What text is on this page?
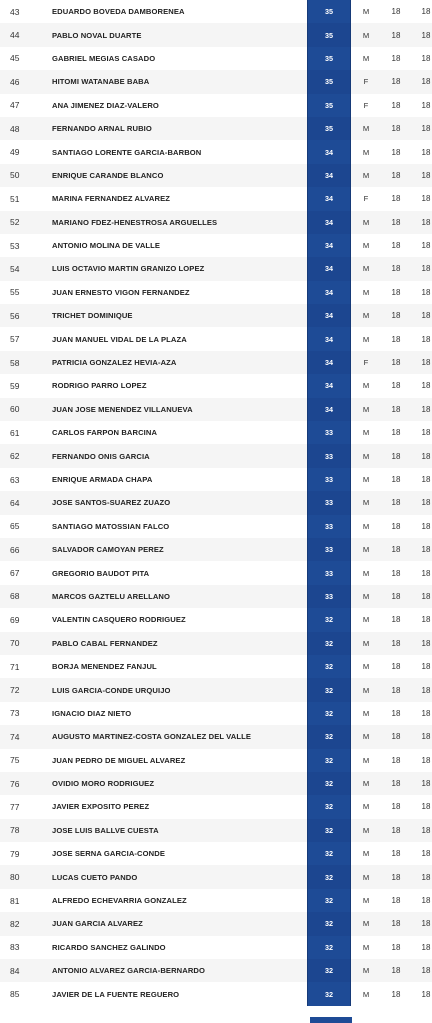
43	EDUARDO BOVEDA DAMBORENEA	35	M	18	18
44	PABLO NOVAL DUARTE	35	M	18	18
45	GABRIEL MEGIAS CASADO	35	M	18	18
46	HITOMI WATANABE BABA	35	F	18	18
47	ANA JIMENEZ DIAZ-VALERO	35	F	18	18
48	FERNANDO ARNAL RUBIO	35	M	18	18
49	SANTIAGO LORENTE GARCIA-BARBON	34	M	18	18
50	ENRIQUE CARANDE BLANCO	34	M	18	18
51	MARINA FERNANDEZ ALVAREZ	34	F	18	18
52	MARIANO FDEZ-HENESTROSA ARGUELLES	34	M	18	18
53	ANTONIO MOLINA DE VALLE	34	M	18	18
54	LUIS OCTAVIO MARTIN GRANIZO LOPEZ	34	M	18	18
55	JUAN ERNESTO VIGON FERNANDEZ	34	M	18	18
56	TRICHET DOMINIQUE	34	M	18	18
57	JUAN MANUEL VIDAL DE LA PLAZA	34	M	18	18
58	PATRICIA GONZALEZ HEVIA-AZA	34	F	18	18
59	RODRIGO PARRO LOPEZ	34	M	18	18
60	JUAN JOSE MENENDEZ VILLANUEVA	34	M	18	18
61	CARLOS FARPON BARCINA	33	M	18	18
62	FERNANDO ONIS GARCIA	33	M	18	18
63	ENRIQUE ARMADA CHAPA	33	M	18	18
64	JOSE SANTOS-SUAREZ ZUAZO	33	M	18	18
65	SANTIAGO MATOSSIAN FALCO	33	M	18	18
66	SALVADOR CAMOYAN PEREZ	33	M	18	18
67	GREGORIO BAUDOT PITA	33	M	18	18
68	MARCOS GAZTELU ARELLANO	33	M	18	18
69	VALENTIN CASQUERO RODRIGUEZ	32	M	18	18
70	PABLO CABAL FERNANDEZ	32	M	18	18
71	BORJA MENENDEZ FANJUL	32	M	18	18
72	LUIS GARCIA-CONDE URQUIJO	32	M	18	18
73	IGNACIO DIAZ NIETO	32	M	18	18
74	AUGUSTO MARTINEZ-COSTA GONZALEZ DEL VALLE	32	M	18	18
75	JUAN PEDRO DE MIGUEL ALVAREZ	32	M	18	18
76	OVIDIO MORO RODRIGUEZ	32	M	18	18
77	JAVIER EXPOSITO PEREZ	32	M	18	18
78	JOSE LUIS BALLVE CUESTA	32	M	18	18
79	JOSE SERNA GARCIA-CONDE	32	M	18	18
80	LUCAS CUETO PANDO	32	M	18	18
81	ALFREDO ECHEVARRIA GONZALEZ	32	M	18	18
82	JUAN GARCIA ALVAREZ	32	M	18	18
83	RICARDO SANCHEZ GALINDO	32	M	18	18
84	ANTONIO ALVAREZ GARCIA-BERNARDO	32	M	18	18
85	JAVIER DE LA FUENTE REGUERO	32	M	18	18
